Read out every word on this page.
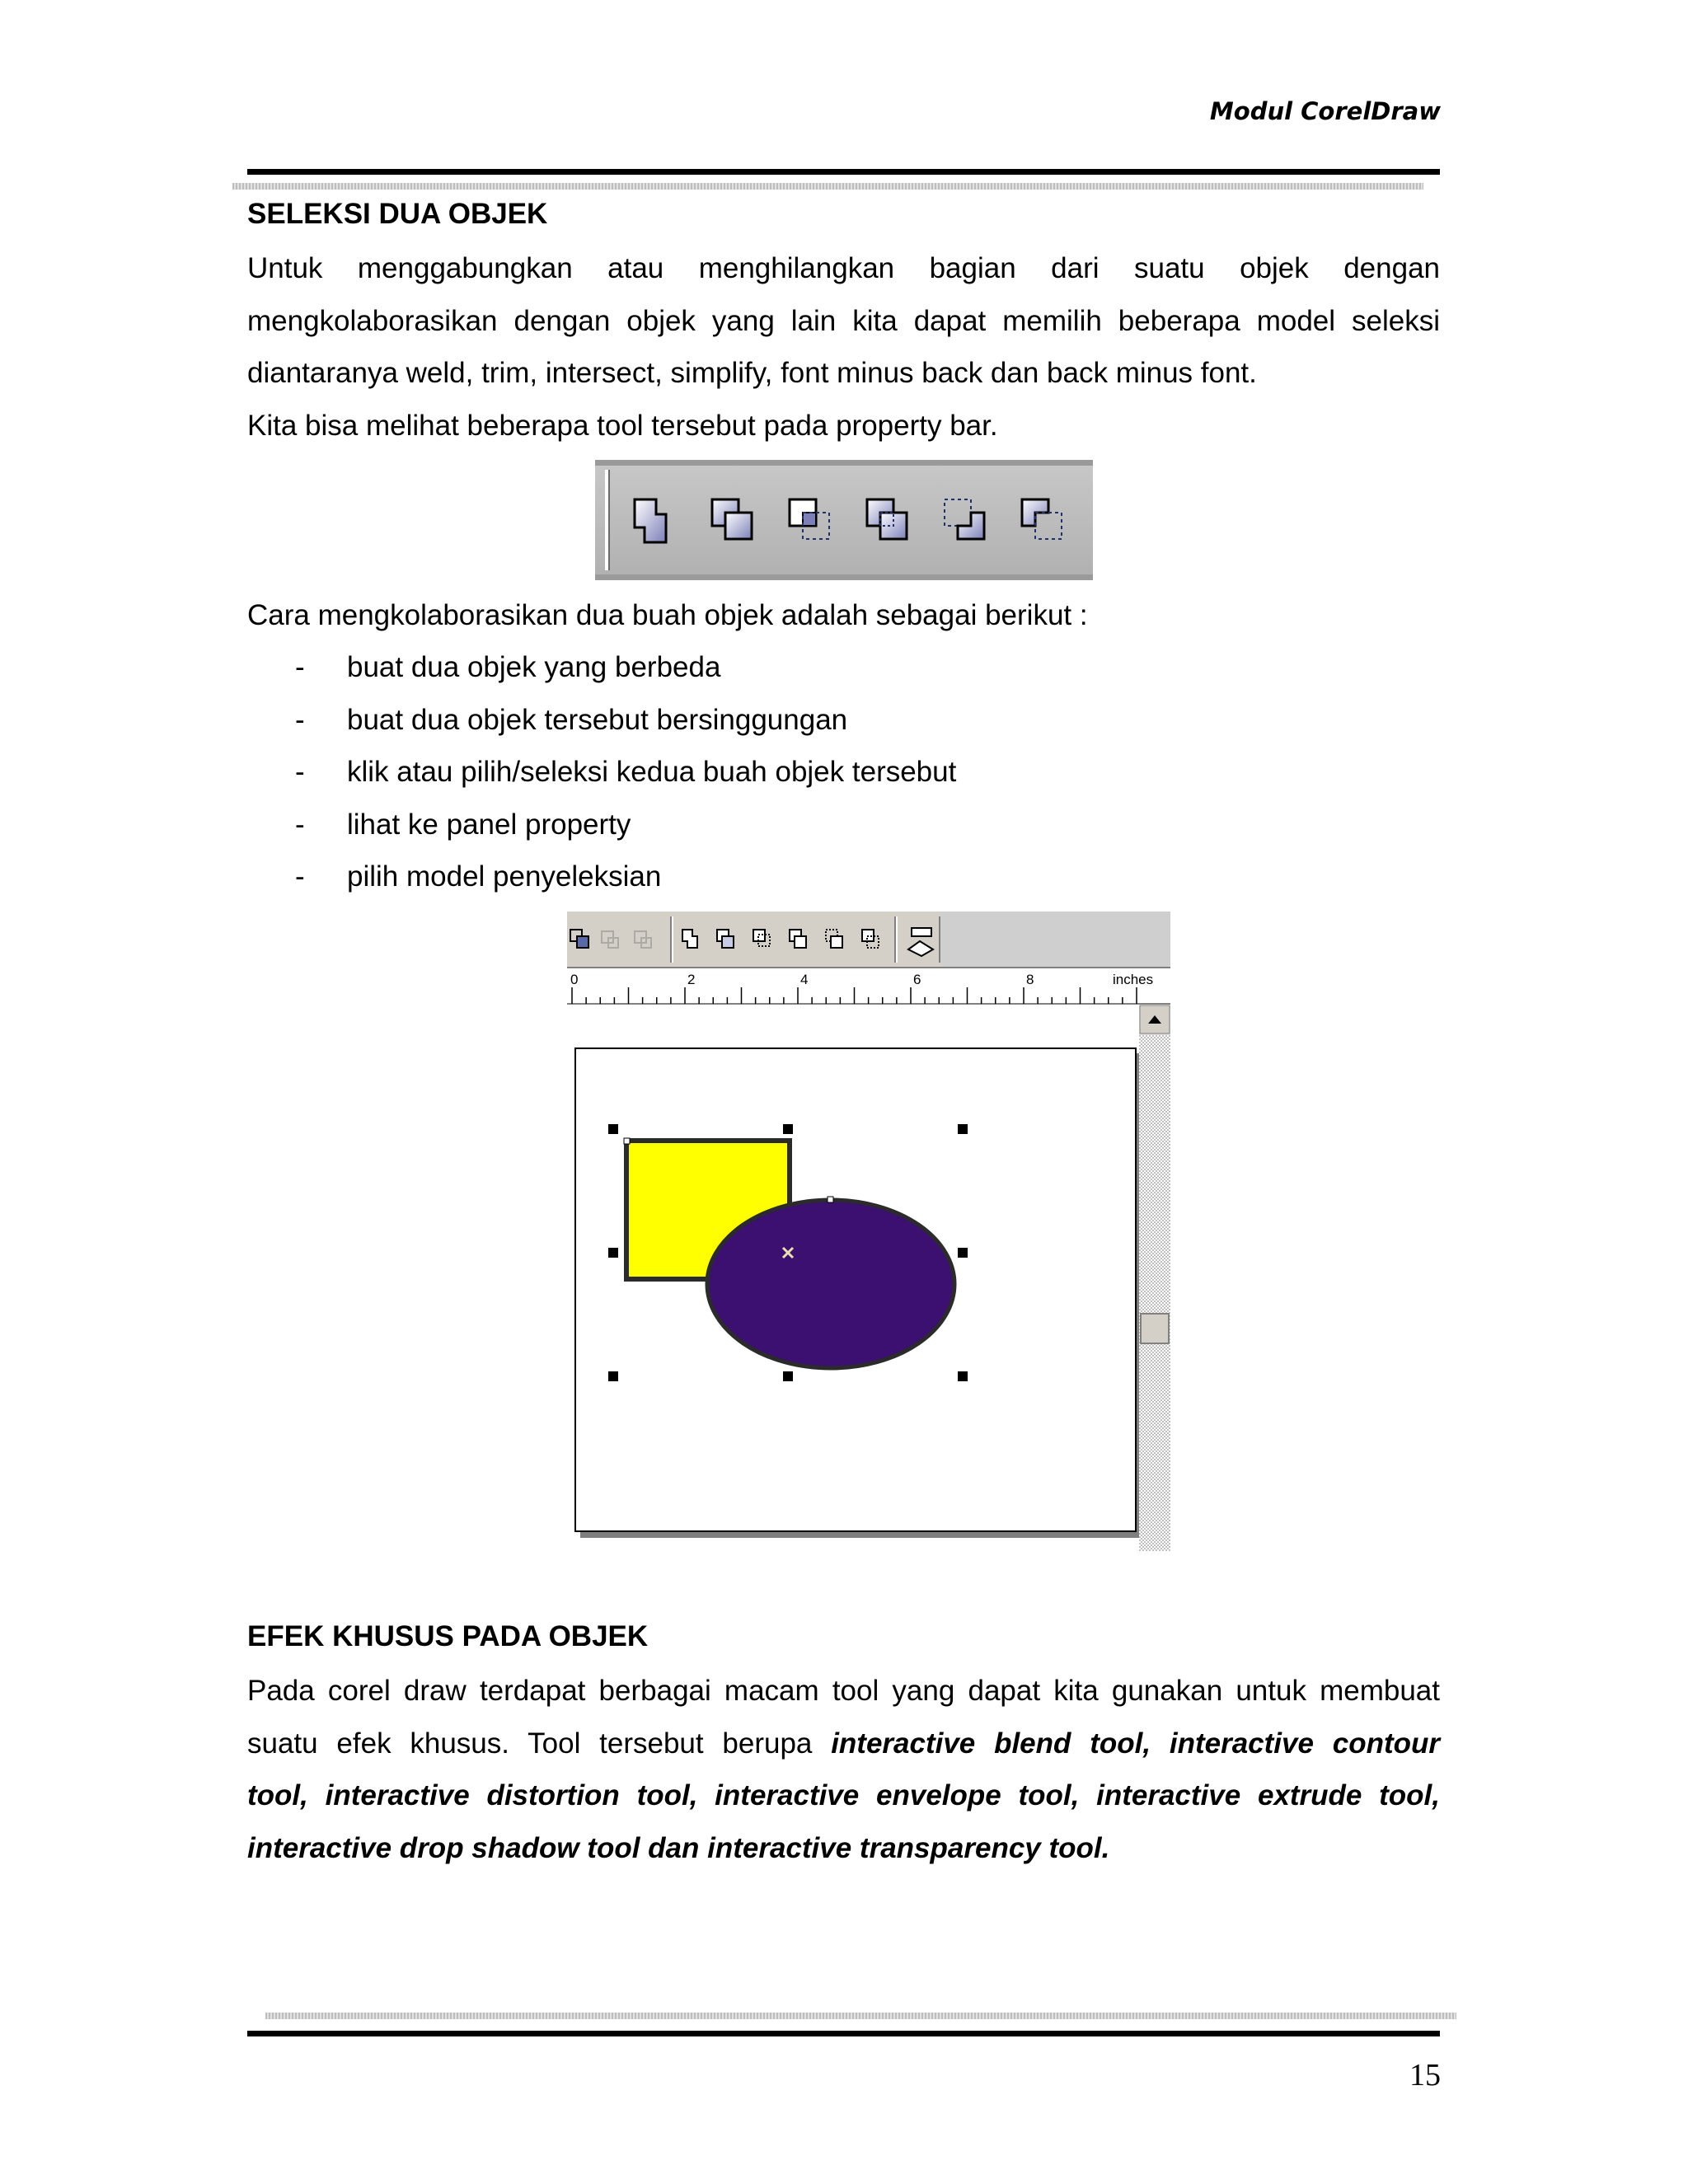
Modul CorelDraw
SELEKSI DUA OBJEK
Untuk menggabungkan atau menghilangkan bagian dari suatu objek dengan
mengkolaborasikan dengan objek yang lain kita dapat memilih beberapa model seleksi
diantaranya weld, trim, intersect, simplify, font minus back dan back minus font.
Kita bisa melihat beberapa tool tersebut pada property bar.
Cara mengkolaborasikan dua buah objek adalah sebagai berikut :
- buat dua objek yang berbeda
- buat dua objek tersebut bersinggungan
- klik atau pilih/seleksi kedua buah objek tersebut
- lihat ke panel property
- pilih model penyeleksian
0	2	4	6	8	inches
EFEK KHUSUS PADA OBJEK
Pada corel draw terdapat berbagai macam tool yang dapat kita gunakan untuk membuat
suatu efek khusus. Tool tersebut berupa interactive blend tool, interactive contour
tool, interactive distortion tool, interactive envelope tool, interactive extrude tool,
interactive drop shadow tool dan interactive transparency tool.
15
